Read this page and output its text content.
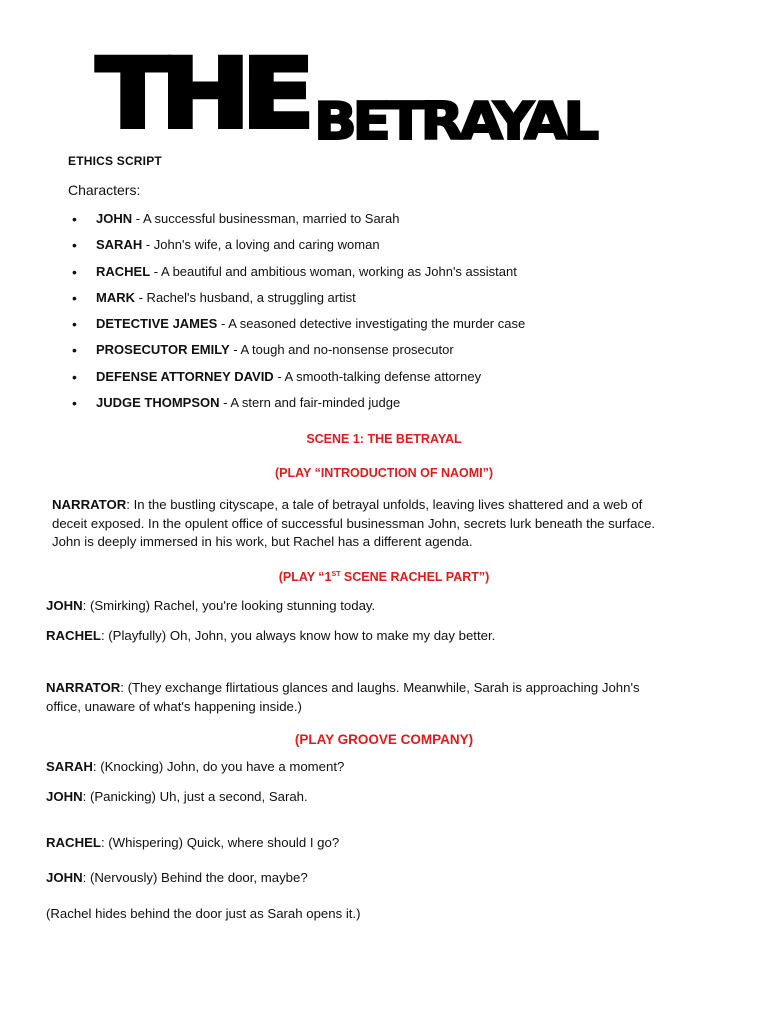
THE BETRAYAL
ETHICS SCRIPT
Characters:
• JOHN - A successful businessman, married to Sarah
• SARAH - John's wife, a loving and caring woman
• RACHEL - A beautiful and ambitious woman, working as John's assistant
• MARK - Rachel's husband, a struggling artist
• DETECTIVE JAMES - A seasoned detective investigating the murder case
• PROSECUTOR EMILY - A tough and no-nonsense prosecutor
• DEFENSE ATTORNEY DAVID - A smooth-talking defense attorney
• JUDGE THOMPSON - A stern and fair-minded judge
SCENE 1: THE BETRAYAL
(PLAY “INTRODUCTION OF NAOMI”)
NARRATOR: In the bustling cityscape, a tale of betrayal unfolds, leaving lives shattered and a web of
deceit exposed. In the opulent office of successful businessman John, secrets lurk beneath the surface.
John is deeply immersed in his work, but Rachel has a different agenda.
(PLAY “1ST SCENE RACHEL PART”)
JOHN: (Smirking) Rachel, you're looking stunning today.
RACHEL: (Playfully) Oh, John, you always know how to make my day better.
NARRATOR: (They exchange flirtatious glances and laughs. Meanwhile, Sarah is approaching John's
office, unaware of what's happening inside.)
(PLAY GROOVE COMPANY)
SARAH: (Knocking) John, do you have a moment?
JOHN: (Panicking) Uh, just a second, Sarah.
RACHEL: (Whispering) Quick, where should I go?
JOHN: (Nervously) Behind the door, maybe?
(Rachel hides behind the door just as Sarah opens it.)
